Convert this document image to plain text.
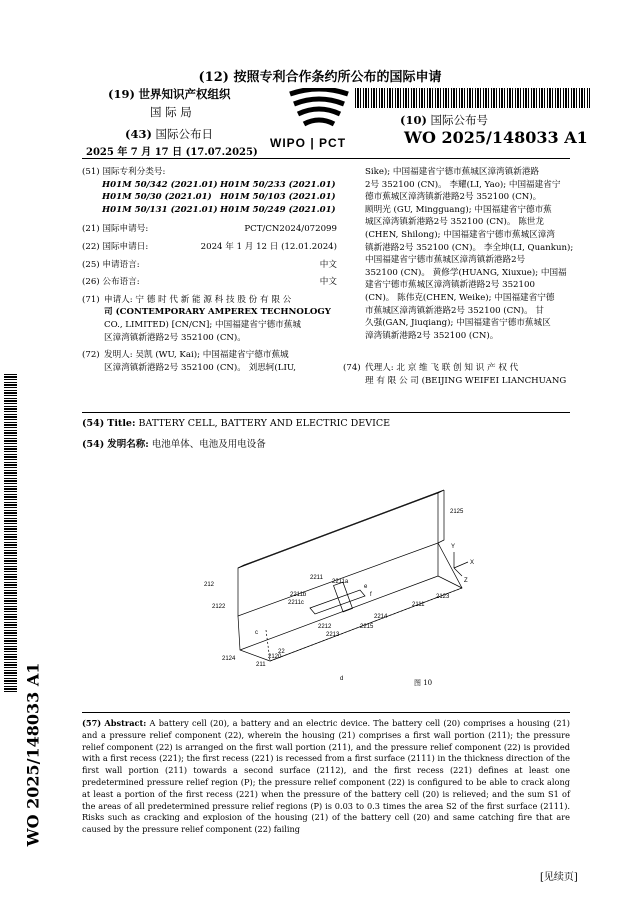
(12) 按照专利合作条约所公布的国际申请
(19) 世界知识产权组织
国 际 局
(43) 国际公布日
2025 年 7 月 17 日 (17.07.2025)
WIPO | PCT
(10) 国际公布号
WO 2025/148033 A1
(51) 国际专利分类号:
H01M 50/342 (2021.01) H01M 50/233 (2021.01)
H01M 50/30 (2021.01) H01M 50/103 (2021.01)
H01M 50/131 (2021.01) H01M 50/249 (2021.01)
(21) 国际申请号:	PCT/CN2024/072099
(22) 国际申请日:	2024 年 1 月 12 日 (12.01.2024)
(25) 申请语言:	中文
(26) 公布语言:	中文
(71) 申请人: 宁 德 时 代 新 能 源 科 技 股 份 有 限 公
司 (CONTEMPORARY AMPEREX TECHNOLOGY
CO., LIMITED) [CN/CN]; 中国福建省宁德市蕉城
区漳湾镇新港路2号 352100 (CN)。
(72) 发明人: 吴凯 (WU, Kai); 中国福建省宁德市蕉城
区漳湾镇新港路2号 352100 (CN)。 刘思轲(LIU,
Sike); 中国福建省宁德市蕉城区漳湾镇新港路
2号 352100 (CN)。 李耀(LI, Yao); 中国福建省宁
德市蕉城区漳湾镇新港路2号 352100 (CN)。
顾明光 (GU, Mingguang); 中国福建省宁德市蕉
城区漳湾镇新港路2号 352100 (CN)。 陈世龙
(CHEN, Shilong); 中国福建省宁德市蕉城区漳湾
镇新港路2号 352100 (CN)。 李全坤(LI, Quankun);
中国福建省宁德市蕉城区漳湾镇新港路2号
352100 (CN)。 黄修学(HUANG, Xiuxue); 中国福
建省宁德市蕉城区漳湾镇新港路2号 352100
(CN)。 陈伟克(CHEN, Weike); 中国福建省宁德
市蕉城区漳湾镇新港路2号 352100 (CN)。 甘
久强(GAN, Jiuqiang); 中国福建省宁德市蕉城区
漳湾镇新港路2号 352100 (CN)。
(74) 代理人: 北 京 维 飞 联 创 知 识 产 权 代
理 有 限 公 司 (BEIJING WEIFEI LIANCHUANG
WO 2025/148033 A1
(54) Title: BATTERY CELL, BATTERY AND ELECTRIC DEVICE
(54) 发明名称: 电池单体、电池及用电设备
2125
212
2122
2124
211
2120
22
c
2211
2211a
2211b
2211c
2212
2213
2214
2215
2111
2123
d
e
f
X
Y
Z
图 10
(57) Abstract: A battery cell (20), a battery and an electric device. The battery cell (20) comprises a housing (21) and a pressure relief component (22), wherein the housing (21) comprises a first wall portion (211); the pressure relief component (22) is arranged on the first wall portion (211), and the pressure relief component (22) is provided with a first recess (221); the first recess (221) is recessed from a first surface (2111) in the thickness direction of the first wall portion (211) towards a second surface (2112), and the first recess (221) defines at least one predetermined pressure relief region (P); the pressure relief component (22) is configured to be able to crack along at least a portion of the first recess (221) when the pressure of the battery cell (20) is relieved; and the sum S1 of the areas of all predetermined pressure relief regions (P) is 0.03 to 0.3 times the area S2 of the first surface (2111). Risks such as cracking and explosion of the housing (21) of the battery cell (20) and same catching fire that are caused by the pressure relief component (22) failing
[见续页]
